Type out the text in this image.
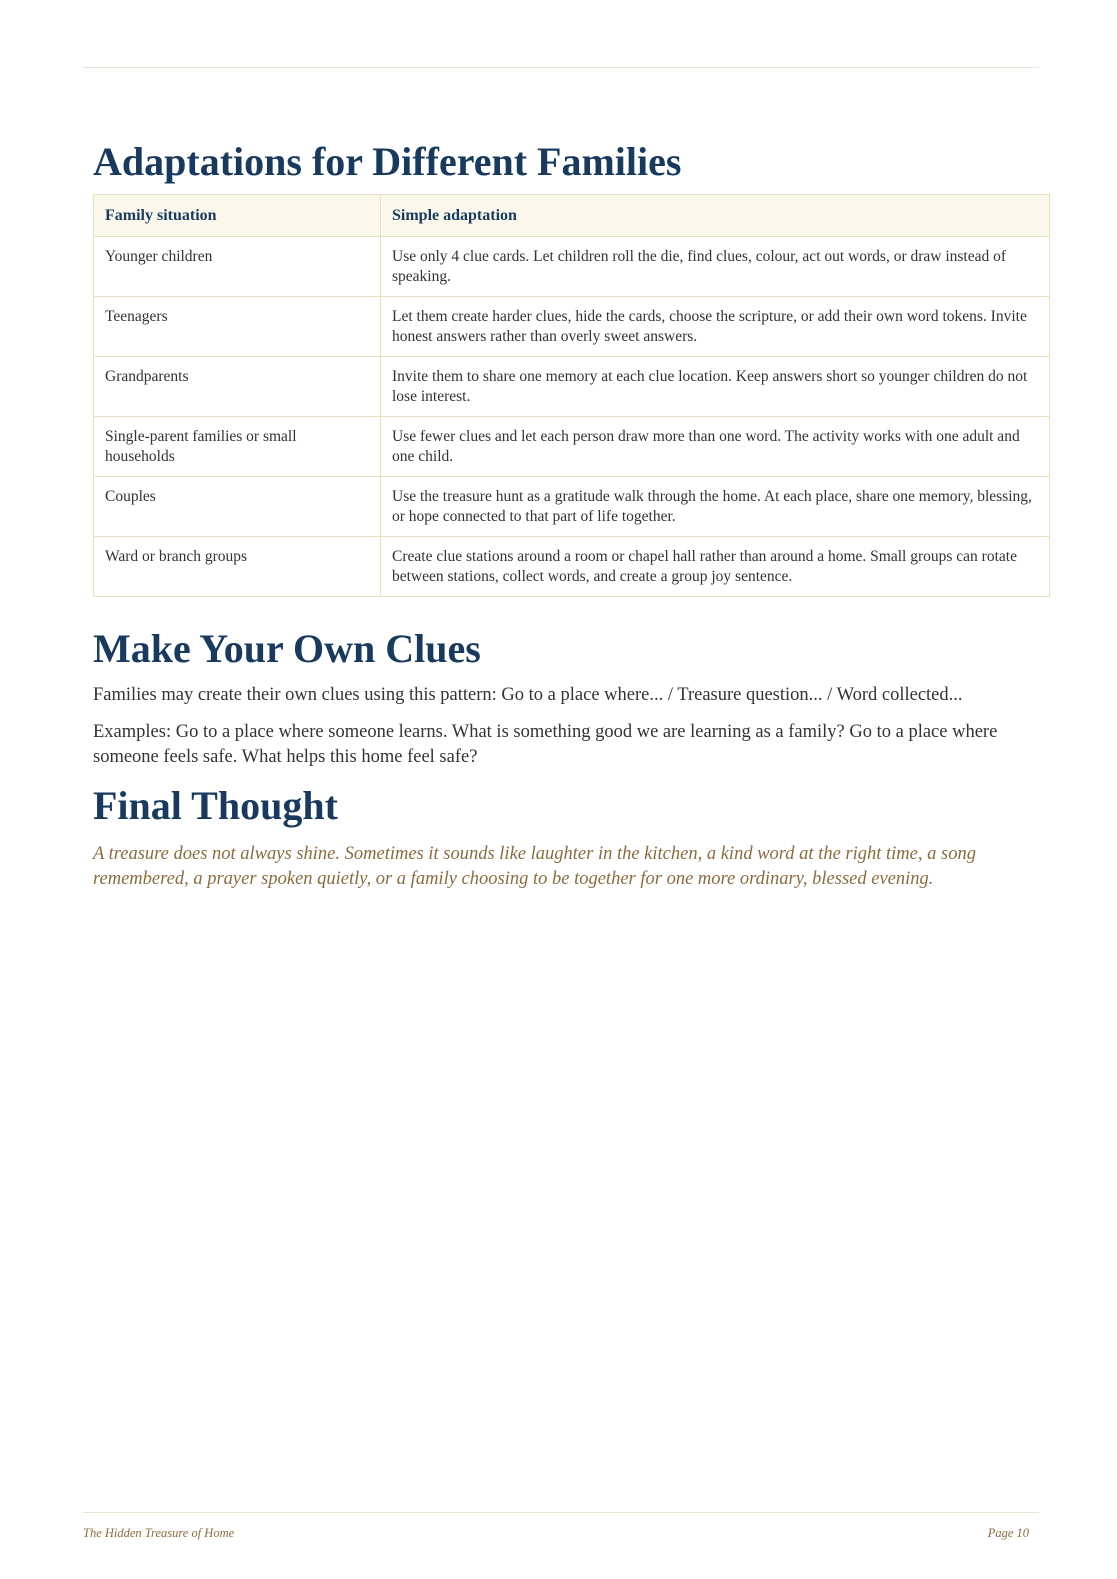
Adaptations for Different Families
Family situation	Simple adaptation
Younger children	Use only 4 clue cards. Let children roll the die, find clues, colour, act out words, or draw instead of speaking.
Teenagers	Let them create harder clues, hide the cards, choose the scripture, or add their own word tokens. Invite honest answers rather than overly sweet answers.
Grandparents	Invite them to share one memory at each clue location. Keep answers short so younger children do not lose interest.
Single-parent families or small households	Use fewer clues and let each person draw more than one word. The activity works with one adult and one child.
Couples	Use the treasure hunt as a gratitude walk through the home. At each place, share one memory, blessing, or hope connected to that part of life together.
Ward or branch groups	Create clue stations around a room or chapel hall rather than around a home. Small groups can rotate between stations, collect words, and create a group joy sentence.
Make Your Own Clues

Families may create their own clues using this pattern: Go to a place where... / Treasure question... / Word collected...

Examples: Go to a place where someone learns. What is something good we are learning as a family? Go to a place where someone feels safe. What helps this home feel safe?

Final Thought

A treasure does not always shine. Sometimes it sounds like laughter in the kitchen, a kind word at the right time, a song remembered, a prayer spoken quietly, or a family choosing to be together for one more ordinary, blessed evening.

The Hidden Treasure of Home	Page 10
